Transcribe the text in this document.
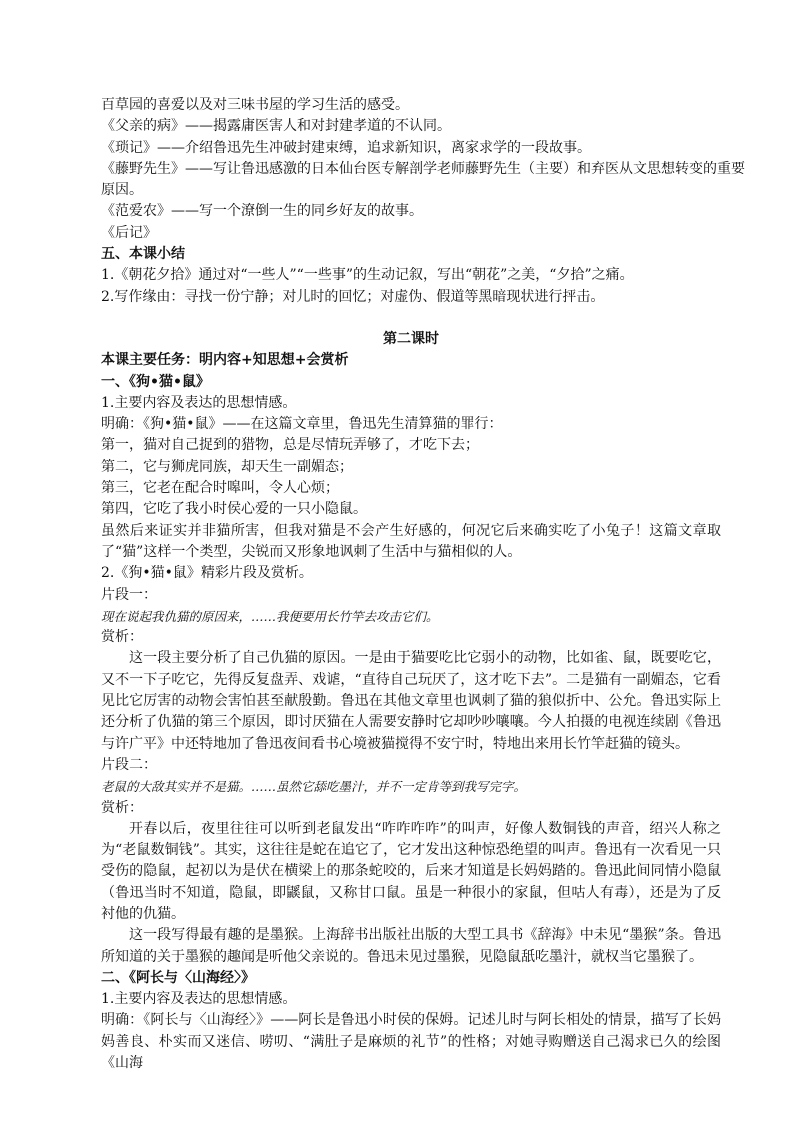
百草园的喜爱以及对三味书屋的学习生活的感受。
《父亲的病》——揭露庸医害人和对封建孝道的不认同。
《琐记》——介绍鲁迅先生冲破封建束缚，追求新知识，离家求学的一段故事。
《藤野先生》——写让鲁迅感激的日本仙台医专解剖学老师藤野先生（主要）和弃医从文思想转变的重要
原因。
《范爱农》——写一个潦倒一生的同乡好友的故事。
《后记》
五、本课小结
1.《朝花夕拾》通过对“一些人”“一些事”的生动记叙，写出“朝花”之美，“夕拾”之痛。
2.写作缘由：寻找一份宁静；对儿时的回忆；对虚伪、假道等黑暗现状进行抨击。
第二课时
本课主要任务：明内容+知思想+会赏析
一、《狗•猫•鼠》
1.主要内容及表达的思想情感。
明确：《狗•猫•鼠》——在这篇文章里，鲁迅先生清算猫的罪行：
第一，猫对自己捉到的猎物，总是尽情玩弄够了，才吃下去；
第二，它与狮虎同族，却天生一副媚态；
第三，它老在配合时嗥叫，令人心烦；
第四，它吃了我小时侯心爱的一只小隐鼠。
虽然后来证实并非猫所害，但我对猫是不会产生好感的，何况它后来确实吃了小兔子！这篇文章取了“猫”这样一个类型，尖锐而又形象地讽刺了生活中与猫相似的人。
2.《狗•猫•鼠》精彩片段及赏析。
片段一：
现在说起我仇猫的原因来，……我便要用长竹竿去攻击它们。
赏析：
这一段主要分析了自己仇猫的原因。一是由于猫要吃比它弱小的动物，比如雀、鼠，既要吃它，又不一下子吃它，先得反复盘弄、戏谑，“直待自己玩厌了，这才吃下去”。二是猫有一副媚态，它看见比它厉害的动物会害怕甚至献殷勤。鲁迅在其他文章里也讽刺了猫的狼似折中、公允。鲁迅实际上还分析了仇猫的第三个原因，即讨厌猫在人需要安静时它却吵吵嚷嚷。今人拍摄的电视连续剧《鲁迅与许广平》中还特地加了鲁迅夜间看书心境被猫搅得不安宁时，特地出来用长竹竿赶猫的镜头。
片段二：
老鼠的大敌其实并不是猫。……虽然它舔吃墨汁，并不一定肯等到我写完字。
赏析：
开春以后，夜里往往可以听到老鼠发出“咋咋咋咋”的叫声，好像人数铜钱的声音，绍兴人称之为“老鼠数铜钱”。其实，这往往是蛇在追它了，它才发出这种惊恐绝望的叫声。鲁迅有一次看见一只受伤的隐鼠，起初以为是伏在横梁上的那条蛇咬的，后来才知道是长妈妈踏的。鲁迅此间同情小隐鼠（鲁迅当时不知道，隐鼠，即鼷鼠，又称甘口鼠。虽是一种很小的家鼠，但咕人有毒），还是为了反衬他的仇猫。
这一段写得最有趣的是墨猴。上海辞书出版社出版的大型工具书《辞海》中未见“墨猴”条。鲁迅所知道的关于墨猴的趣闻是听他父亲说的。鲁迅未见过墨猴，见隐鼠舐吃墨汁，就权当它墨猴了。
二、《阿长与〈山海经〉》
1.主要内容及表达的思想情感。
明确：《阿长与〈山海经〉》——阿长是鲁迅小时侯的保姆。记述儿时与阿长相处的情景，描写了长妈妈善良、朴实而又迷信、唠叨、“满肚子是麻烦的礼节”的性格；对她寻购赠送自己渴求已久的绘图《山海
